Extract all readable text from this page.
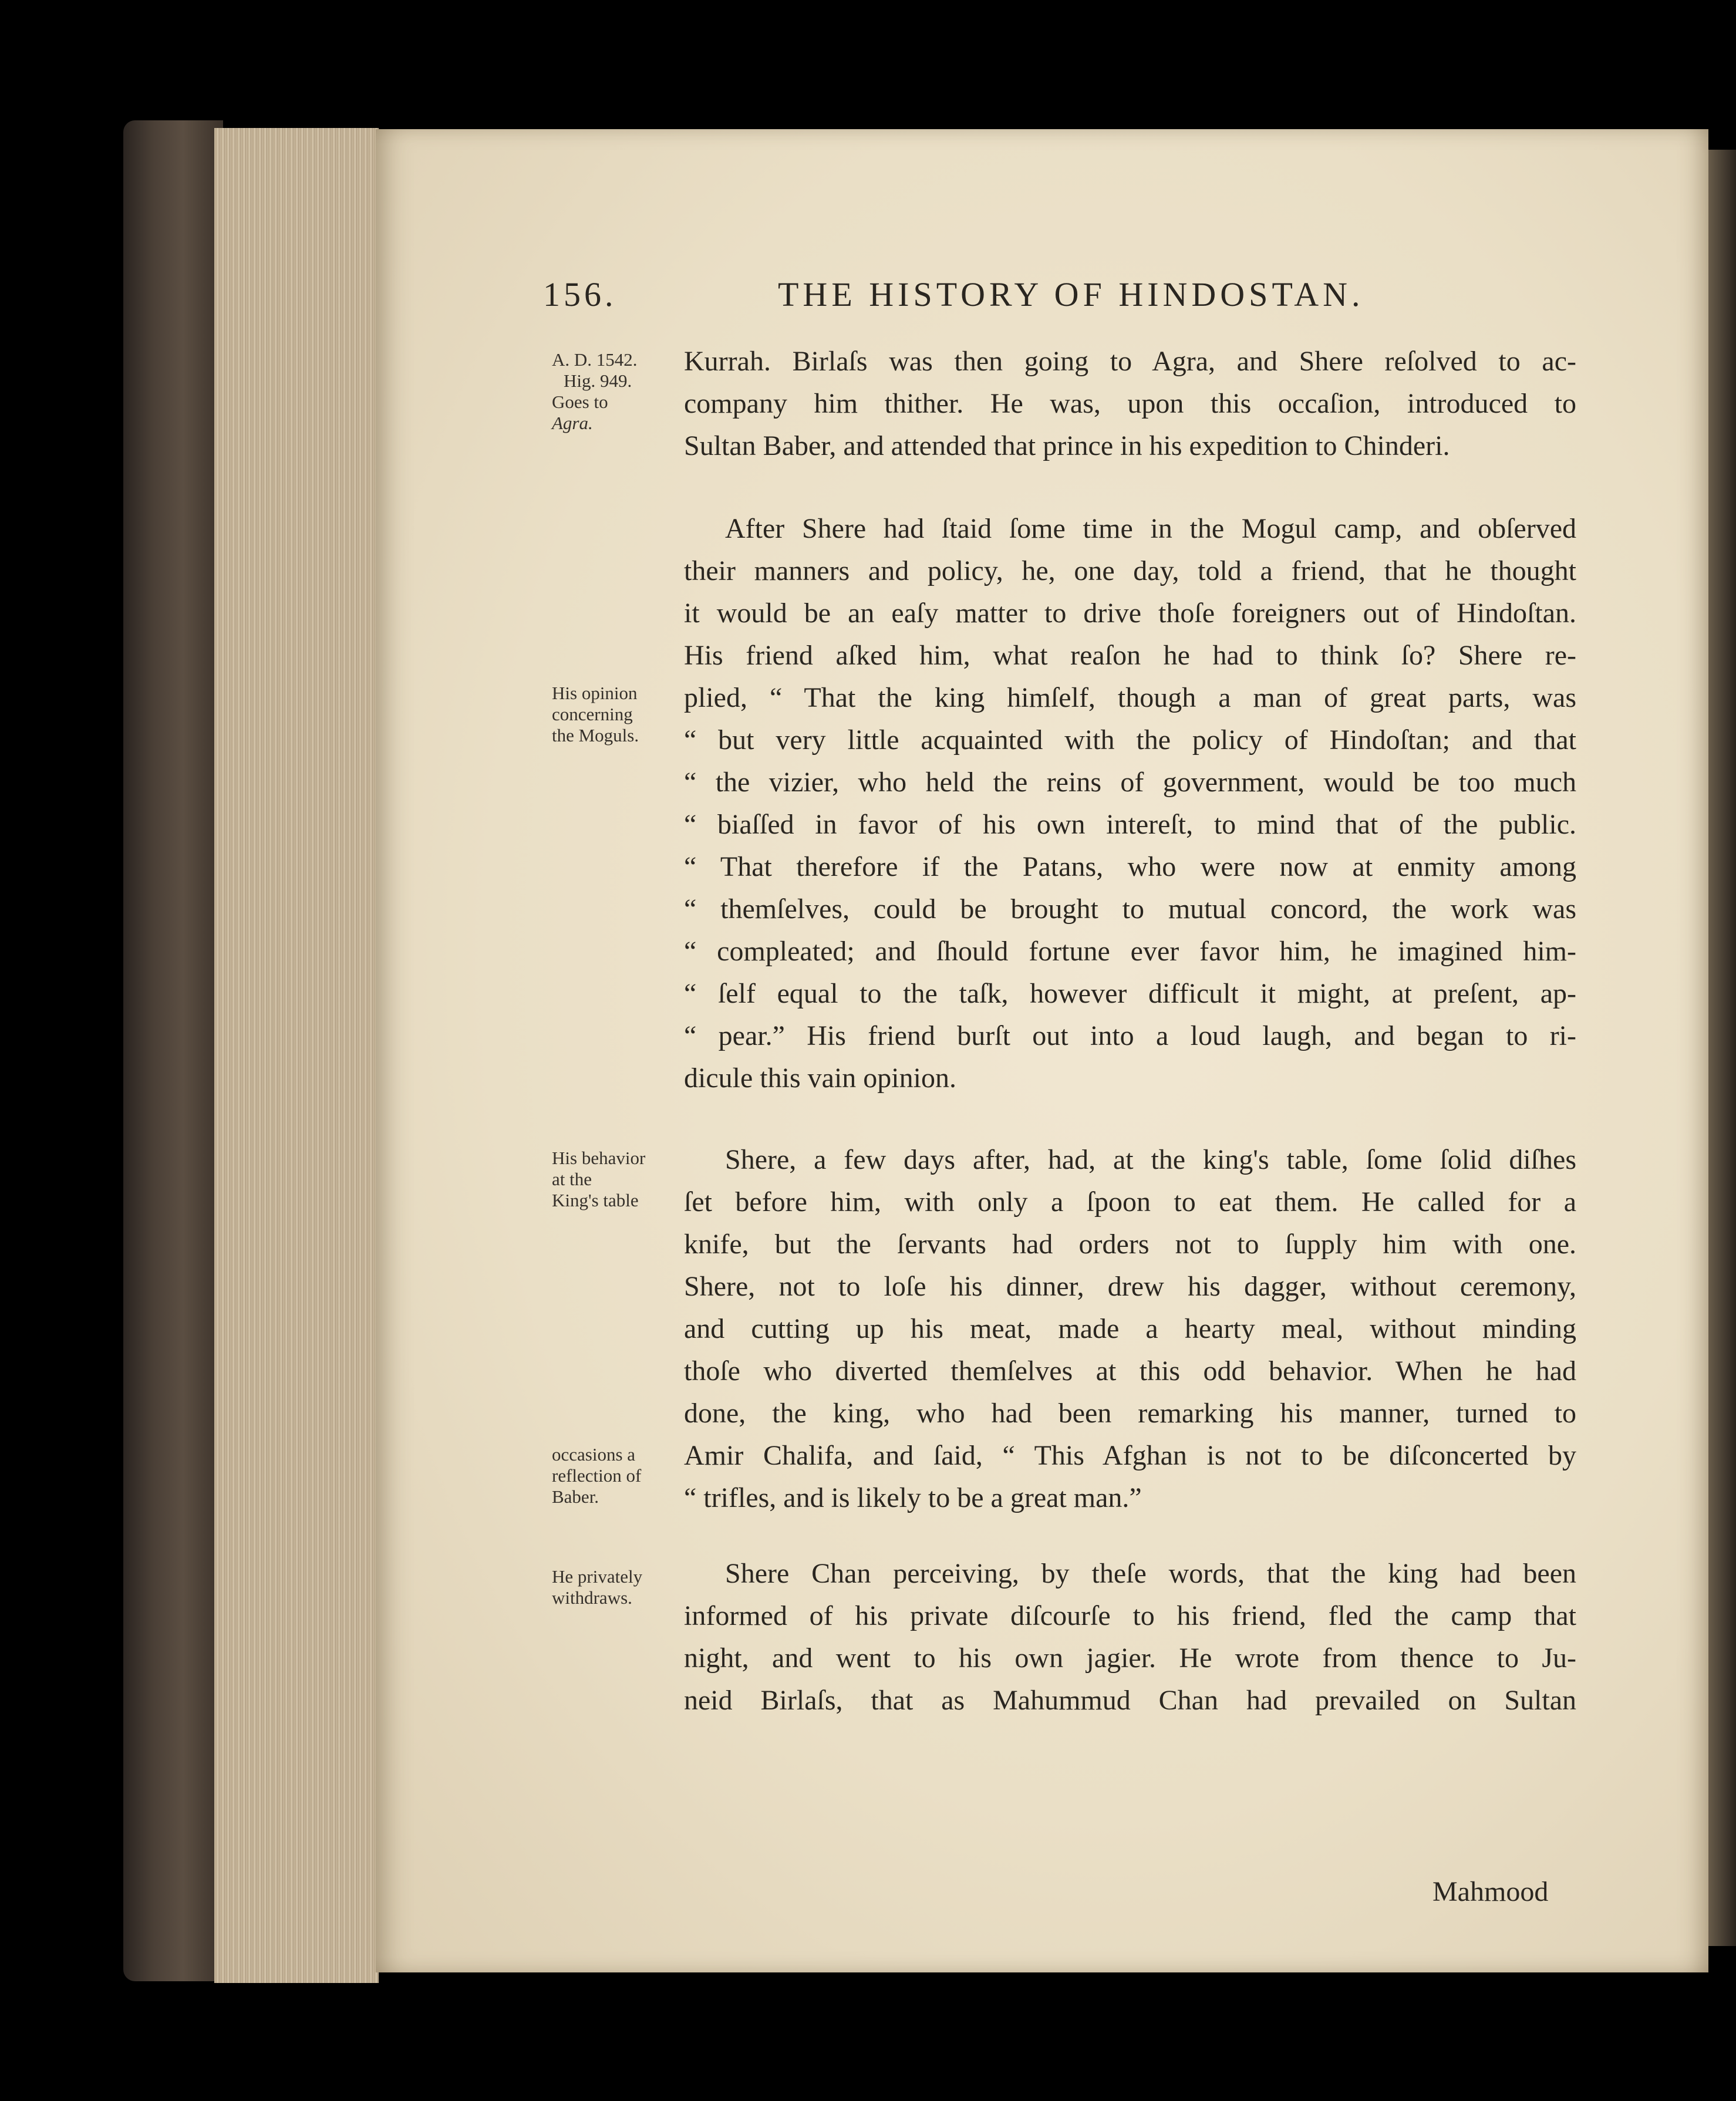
156.	THE HISTORY OF HINDOSTAN.
A. D. 1542.
Hig. 949.
Goes to
Agra.
His opinion
concerning
the Moguls.
His behavior
at the
King's table
occasions a
reflection of
Baber.
He privately
withdraws.
Kurrah. Birlaſs was then going to Agra, and Shere reſolved to ac-
company him thither. He was, upon this occaſion, introduced to
Sultan Baber, and attended that prince in his expedition to Chinderi.
After Shere had ſtaid ſome time in the Mogul camp, and obſerved
their manners and policy, he, one day, told a friend, that he thought
it would be an eaſy matter to drive thoſe foreigners out of Hindoſtan.
His friend aſked him, what reaſon he had to think ſo? Shere re-
plied, “ That the king himſelf, though a man of great parts, was
“ but very little acquainted with the policy of Hindoſtan; and that
“ the vizier, who held the reins of government, would be too much
“ biaſſed in favor of his own intereſt, to mind that of the public.
“ That therefore if the Patans, who were now at enmity among
“ themſelves, could be brought to mutual concord, the work was
“ compleated; and ſhould fortune ever favor him, he imagined him-
“ ſelf equal to the taſk, however difficult it might, at preſent, ap-
“ pear.” His friend burſt out into a loud laugh, and began to ri-
dicule this vain opinion.
Shere, a few days after, had, at the king's table, ſome ſolid diſhes
ſet before him, with only a ſpoon to eat them. He called for a
knife, but the ſervants had orders not to ſupply him with one.
Shere, not to loſe his dinner, drew his dagger, without ceremony,
and cutting up his meat, made a hearty meal, without minding
thoſe who diverted themſelves at this odd behavior. When he had
done, the king, who had been remarking his manner, turned to
Amir Chalifa, and ſaid, “ This Afghan is not to be diſconcerted by
“ trifles, and is likely to be a great man.”
Shere Chan perceiving, by theſe words, that the king had been
informed of his private diſcourſe to his friend, fled the camp that
night, and went to his own jagier. He wrote from thence to Ju-
neid Birlaſs, that as Mahummud Chan had prevailed on Sultan
Mahmood
